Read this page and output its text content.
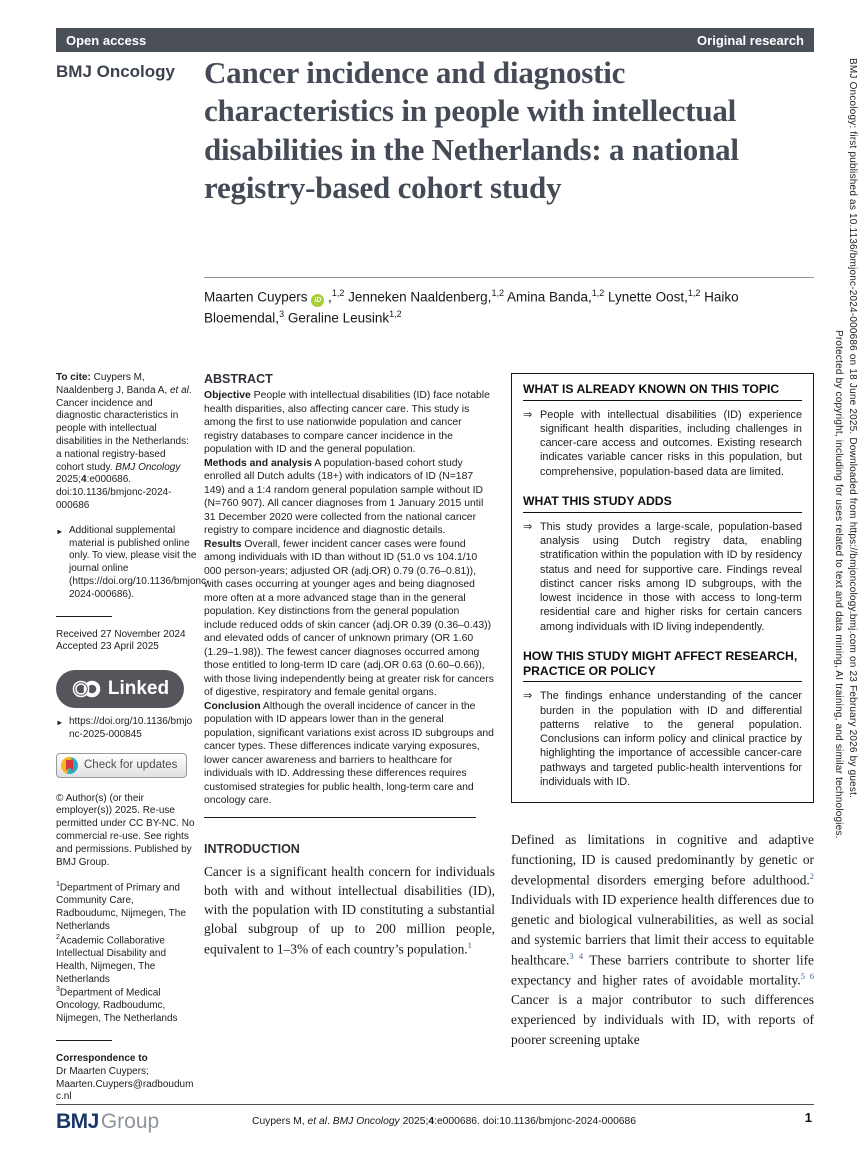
Open access	Original research
BMJ Oncology Cancer incidence and diagnostic characteristics in people with intellectual disabilities in the Netherlands: a national registry-based cohort study
Maarten Cuypers iD ,$^{1,2}$ Jenneken Naaldenberg,$^{1,2}$ Amina Banda,$^{1,2}$ Lynette Oost,$^{1,2}$ Haiko Bloemendal,$^3$ Geraline Leusink$^{1,2}$
To cite: Cuypers M, Naaldenberg J, Banda A, et al. Cancer incidence and diagnostic characteristics in people with intellectual disabilities in the Netherlands: a national registry-based cohort study. BMJ Oncology 2025;4:e000686. doi:10.1136/bmjonc-2024-000686
► Additional supplemental material is published online only. To view, please visit the journal online (https://doi.org/10.1136/bmjonc-2024-000686).
Received 27 November 2024
Accepted 23 April 2025
Linked
► https://doi.org/10.1136/bmjonc-2025-000845
Check for updates
© Author(s) (or their employer(s)) 2025. Re-use permitted under CC BY-NC. No commercial re-use. See rights and permissions. Published by BMJ Group.

$^1$Department of Primary and Community Care, Radboudumc, Nijmegen, The Netherlands

$^2$Academic Collaborative Intellectual Disability and Health, Nijmegen, The Netherlands

$^3$Department of Medical Oncology, Radboudumc, Nijmegen, The Netherlands

Correspondence to
Dr Maarten Cuypers; Maarten.Cuypers@radboudumc.nl
ABSTRACT

Objective People with intellectual disabilities (ID) face notable health disparities, also affecting cancer care. This study is among the first to use nationwide population and cancer registry databases to compare cancer incidence in the population with ID and the general population.

Methods and analysis A population-based cohort study enrolled all Dutch adults (18+) with indicators of ID (N=187 149) and a 1:4 random general population sample without ID (N=760 907). All cancer diagnoses from 1 January 2015 until 31 December 2020 were collected from the national cancer registry to compare incidence and diagnostic details.

Results Overall, fewer incident cancer cases were found among individuals with ID than without ID (51.0 vs 104.1/10 000 person-years; adjusted OR (adj.OR) 0.79 (0.76–0.81)), with cases occurring at younger ages and being diagnosed more often at a more advanced stage than in the general population. Key distinctions from the general population include reduced odds of skin cancer (adj.OR 0.39 (0.36–0.43)) and elevated odds of cancer of unknown primary (OR 1.60 (1.29–1.98)). The fewest cancer diagnoses occurred among those entitled to long-term ID care (adj.OR 0.63 (0.60–0.66)), with those living independently being at greater risk for cancers of digestive, respiratory and female genital organs.

Conclusion Although the overall incidence of cancer in the population with ID appears lower than in the general population, significant variations exist across ID subgroups and cancer types. These differences indicate varying exposures, lower cancer awareness and barriers to healthcare for individuals with ID. Addressing these differences requires customised strategies for public health, long-term care and oncology care.

INTRODUCTION

Cancer is a significant health concern for individuals both with and without intellectual disabilities (ID), with the population with ID constituting a substantial global subgroup of up to 200 million people, equivalent to 1–3% of each country’s population.$^1$

WHAT IS ALREADY KNOWN ON THIS TOPIC
⇒ People with intellectual disabilities (ID) experience significant health disparities, including challenges in cancer-care access and outcomes. Existing research indicates variable cancer risks in this population, but comprehensive, population-based data are limited.
WHAT THIS STUDY ADDS
⇒ This study provides a large-scale, population-based analysis using Dutch registry data, enabling stratification within the population with ID by residency status and need for supportive care. Findings reveal distinct cancer risks among ID subgroups, with the lowest incidence in those with access to long-term residential care and higher risks for certain cancers among individuals with ID living independently.
HOW THIS STUDY MIGHT AFFECT RESEARCH, PRACTICE OR POLICY
⇒ The findings enhance understanding of the cancer burden in the population with ID and differential patterns relative to the general population. Conclusions can inform policy and clinical practice by highlighting the importance of accessible cancer-care pathways and targeted public-health interventions for individuals with ID.

Defined as limitations in cognitive and adaptive functioning, ID is caused predominantly by genetic or developmental disorders emerging before adulthood.$^2$ Individuals with ID experience health differences due to genetic and biological vulnerabilities, as well as social and systemic barriers that limit their access to equitable healthcare.$^{3 4}$ These barriers contribute to shorter life expectancy and higher rates of avoidable mortality.$^{5 6}$ Cancer is a major contributor to such differences experienced by individuals with ID, with reports of poorer screening uptake

BMJGroup	Cuypers M, et al. BMJ Oncology 2025;4:e000686. doi:10.1136/bmjonc-2024-000686	1
BMJ Oncology: first published as 10.1136/bmjonc-2024-000686 on 18 June 2025. Downloaded from https://bmjoncology.bmj.com on 23 February 2026 by guest.
Protected by copyright, including for uses related to text and data mining, AI training, and similar technologies.
